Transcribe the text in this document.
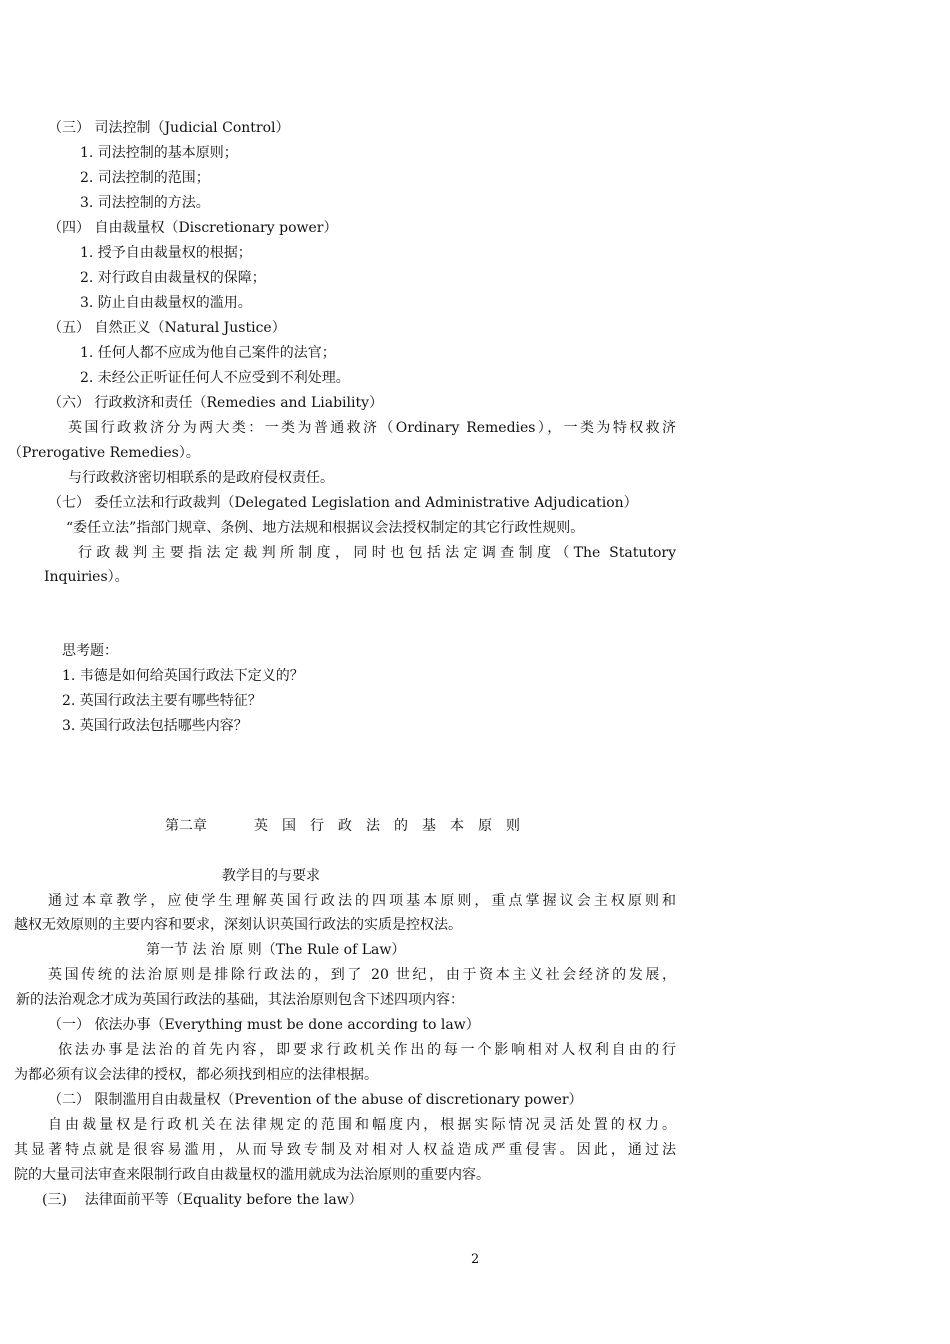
（三） 司法控制（Judicial Control）
1. 司法控制的基本原则；
2. 司法控制的范围；
3. 司法控制的方法。
（四） 自由裁量权（Discretionary power）
1. 授予自由裁量权的根据；
2. 对行政自由裁量权的保障；
3. 防止自由裁量权的滥用。
（五） 自然正义（Natural Justice）
1. 任何人都不应成为他自己案件的法官；
2. 未经公正听证任何人不应受到不利处理。
（六） 行政救济和责任（Remedies and Liability）
英国行政救济分为两大类：一类为普通救济（Ordinary Remedies），一类为特权救济
（Prerogative Remedies）。
与行政救济密切相联系的是政府侵权责任。
（七） 委任立法和行政裁判（Delegated Legislation and Administrative Adjudication）
“委任立法”指部门规章、条例、地方法规和根据议会法授权制定的其它行政性规则。
行政裁判主要指法定裁判所制度，同时也包括法定调查制度（The Statutory
Inquiries）。
思考题：
1. 韦德是如何给英国行政法下定义的？
2. 英国行政法主要有哪些特征？
3. 英国行政法包括哪些内容？
第二章	英国行政法的基本原则
教学目的与要求
通过本章教学，应使学生理解英国行政法的四项基本原则，重点掌握议会主权原则和
越权无效原则的主要内容和要求，深刻认识英国行政法的实质是控权法。
第一节 法 治 原 则（The Rule of Law）
英国传统的法治原则是排除行政法的，到了 20 世纪，由于资本主义社会经济的发展，
新的法治观念才成为英国行政法的基础，其法治原则包含下述四项内容：
（一） 依法办事（Everything must be done according to law）
依法办事是法治的首先内容，即要求行政机关作出的每一个影响相对人权利自由的行
为都必须有议会法律的授权，都必须找到相应的法律根据。
（二） 限制滥用自由裁量权（Prevention of the abuse of discretionary power）
自由裁量权是行政机关在法律规定的范围和幅度内，根据实际情况灵活处置的权力。
其显著特点就是很容易滥用，从而导致专制及对相对人权益造成严重侵害。因此，通过法
院的大量司法审查来限制行政自由裁量权的滥用就成为法治原则的重要内容。
(三)    法律面前平等（Equality before the law）
2
